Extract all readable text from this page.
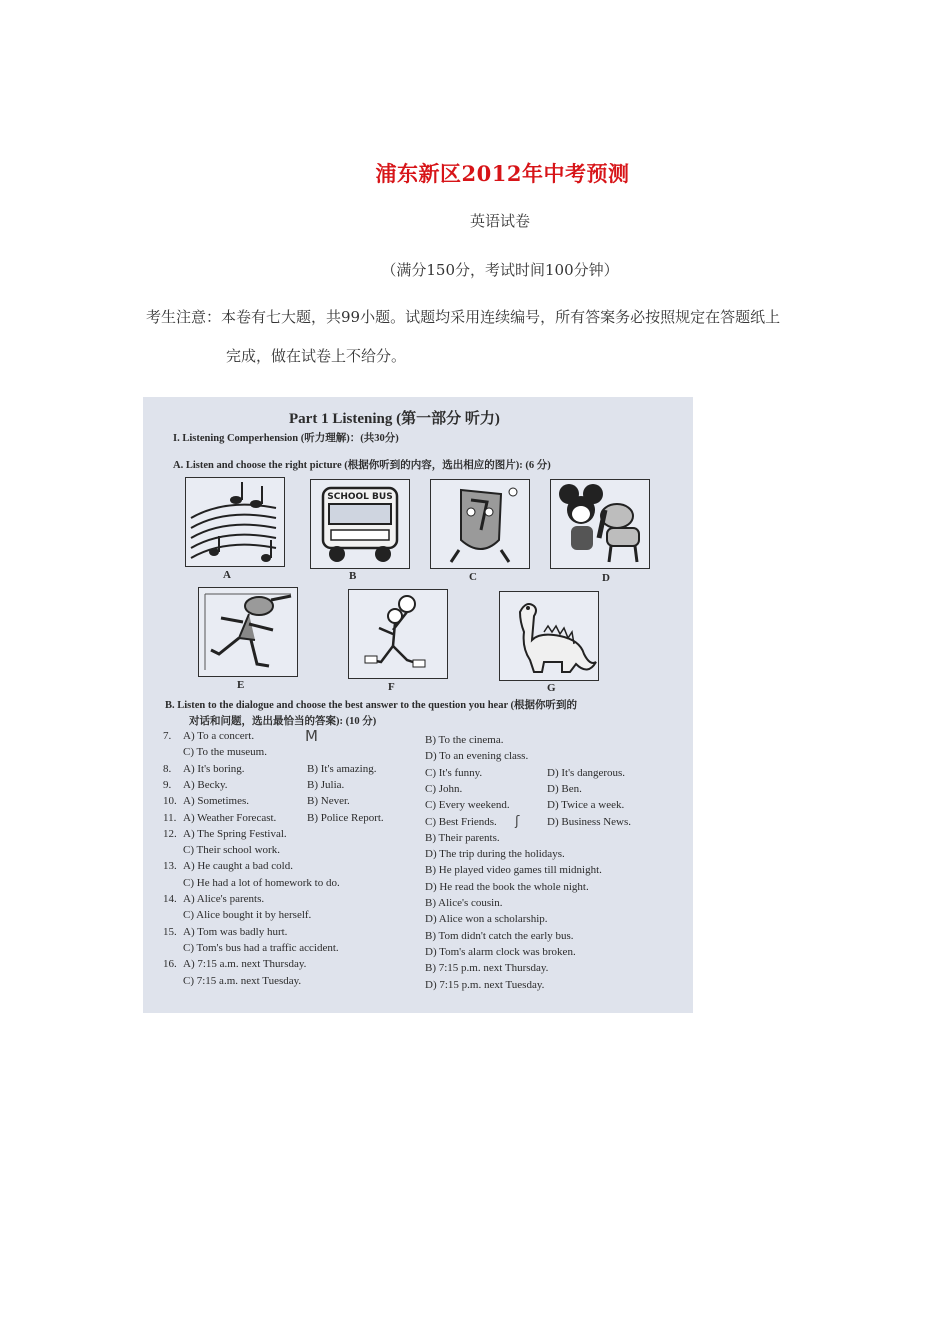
浦东新区2012年中考预测
英语试卷
（满分150分，考试时间100分钟）
考生注意：本卷有七大题，共99小题。试题均采用连续编号，所有答案务必按照规定在答题纸上
完成，做在试卷上不给分。
Part 1 Listening (第一部分 听力)
I. Listening Comperhension (听力理解)：(共30分)
A. Listen and choose the right picture (根据你听到的内容，选出相应的图片): (6 分)
A
SCHOOL BUS
B	C	D
E	F	G
B. Listen to the dialogue and choose the best answer to the question you hear (根据你听到的
对话和问题，选出最恰当的答案): (10 分)
M
ʃ
7. A) To a concert.
C) To the museum.
B) To the cinema.
D) To an evening class.
8. A) It's boring.	B) It's amazing.	C) It's funny.	D) It's dangerous.
9. A) Becky.	B) Julia.	C) John.	D) Ben.
10. A) Sometimes.	B) Never.	C) Every weekend.	D) Twice a week.
11. A) Weather Forecast.	B) Police Report.	C) Best Friends.	D) Business News.
12. A) The Spring Festival.
C) Their school work.
B) Their parents.
D) The trip during the holidays.
13. A) He caught a bad cold.
C) He had a lot of homework to do.
B) He played video games till midnight.
D) He read the book the whole night.
14. A) Alice's parents.
C) Alice bought it by herself.
B) Alice's cousin.
D) Alice won a scholarship.
15. A) Tom was badly hurt.
C) Tom's bus had a traffic accident.
B) Tom didn't catch the early bus.
D) Tom's alarm clock was broken.
16. A) 7:15 a.m. next Thursday.
C) 7:15 a.m. next Tuesday.
B) 7:15 p.m. next Thursday.
D) 7:15 p.m. next Tuesday.
